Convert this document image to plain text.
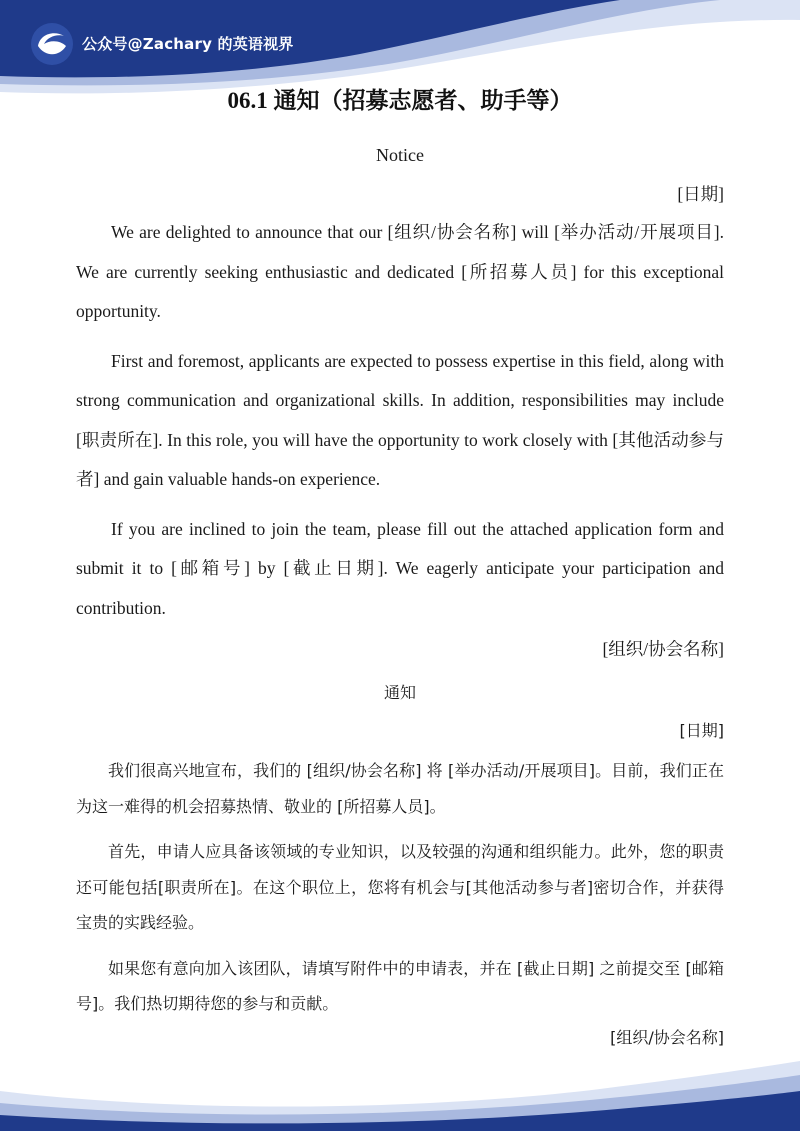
公众号@Zachary 的英语视界
06.1 通知（招募志愿者、助手等）

Notice

[日期]

We are delighted to announce that our [组织/协会名称] will [举办活动/开展项目]. We are currently seeking enthusiastic and dedicated [所招募人员] for this exceptional opportunity.

First and foremost, applicants are expected to possess expertise in this field, along with strong communication and organizational skills. In addition, responsibilities may include [职责所在]. In this role, you will have the opportunity to work closely with [其他活动参与者] and gain valuable hands-on experience.

If you are inclined to join the team, please fill out the attached application form and submit it to [邮箱号] by [截止日期]. We eagerly anticipate your participation and contribution.

[组织/协会名称]

通知

[日期]

我们很高兴地宣布，我们的 [组织/协会名称] 将 [举办活动/开展项目]。目前，我们正在为这一难得的机会招募热情、敬业的 [所招募人员]。

首先，申请人应具备该领域的专业知识，以及较强的沟通和组织能力。此外，您的职责还可能包括[职责所在]。在这个职位上，您将有机会与[其他活动参与者]密切合作，并获得宝贵的实践经验。

如果您有意向加入该团队，请填写附件中的申请表，并在 [截止日期] 之前提交至 [邮箱号]。我们热切期待您的参与和贡献。

[组织/协会名称]
